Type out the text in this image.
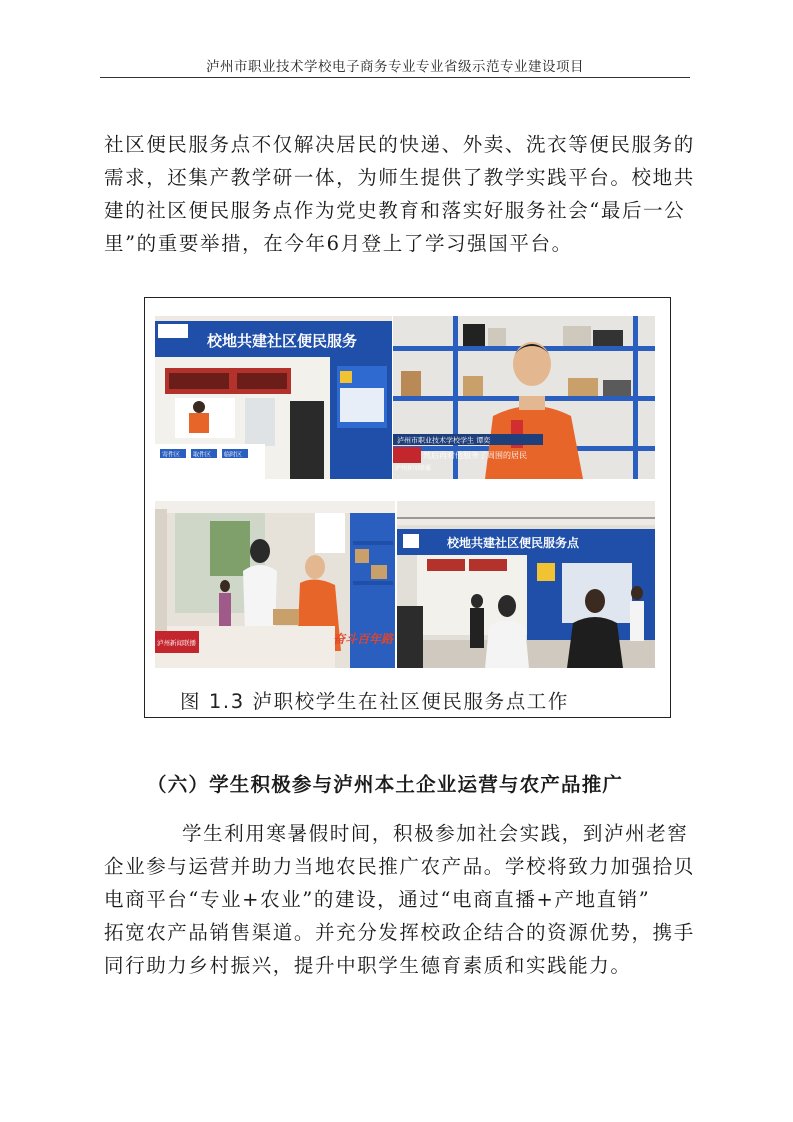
泸州市职业技术学校电子商务专业专业省级示范专业建设项目
社区便民服务点不仅解决居民的快递、外卖、洗衣等便民服务的
需求，还集产教学研一体，为师生提供了教学实践平台。校地共
建的社区便民服务点作为党史教育和落实好服务社会“最后一公
里”的重要举措，在今年6月登上了学习强国平台。
校地共建社区便民服务
寄件区 取件区 临时区
泸州市职业技术学校学生 谭奕
然后再对他服务了周围的居民
泸州新闻联播
泸州新闻联播	奋斗百年路
校地共建社区便民服务点
图 1.3 泸职校学生在社区便民服务点工作
（六）学生积极参与泸州本土企业运营与农产品推广
学生利用寒暑假时间，积极参加社会实践，到泸州老窖
企业参与运营并助力当地农民推广农产品。学校将致力加强拾贝
电商平台“专业+农业”的建设，通过“电商直播+产地直销”
拓宽农产品销售渠道。并充分发挥校政企结合的资源优势，携手
同行助力乡村振兴，提升中职学生德育素质和实践能力。
